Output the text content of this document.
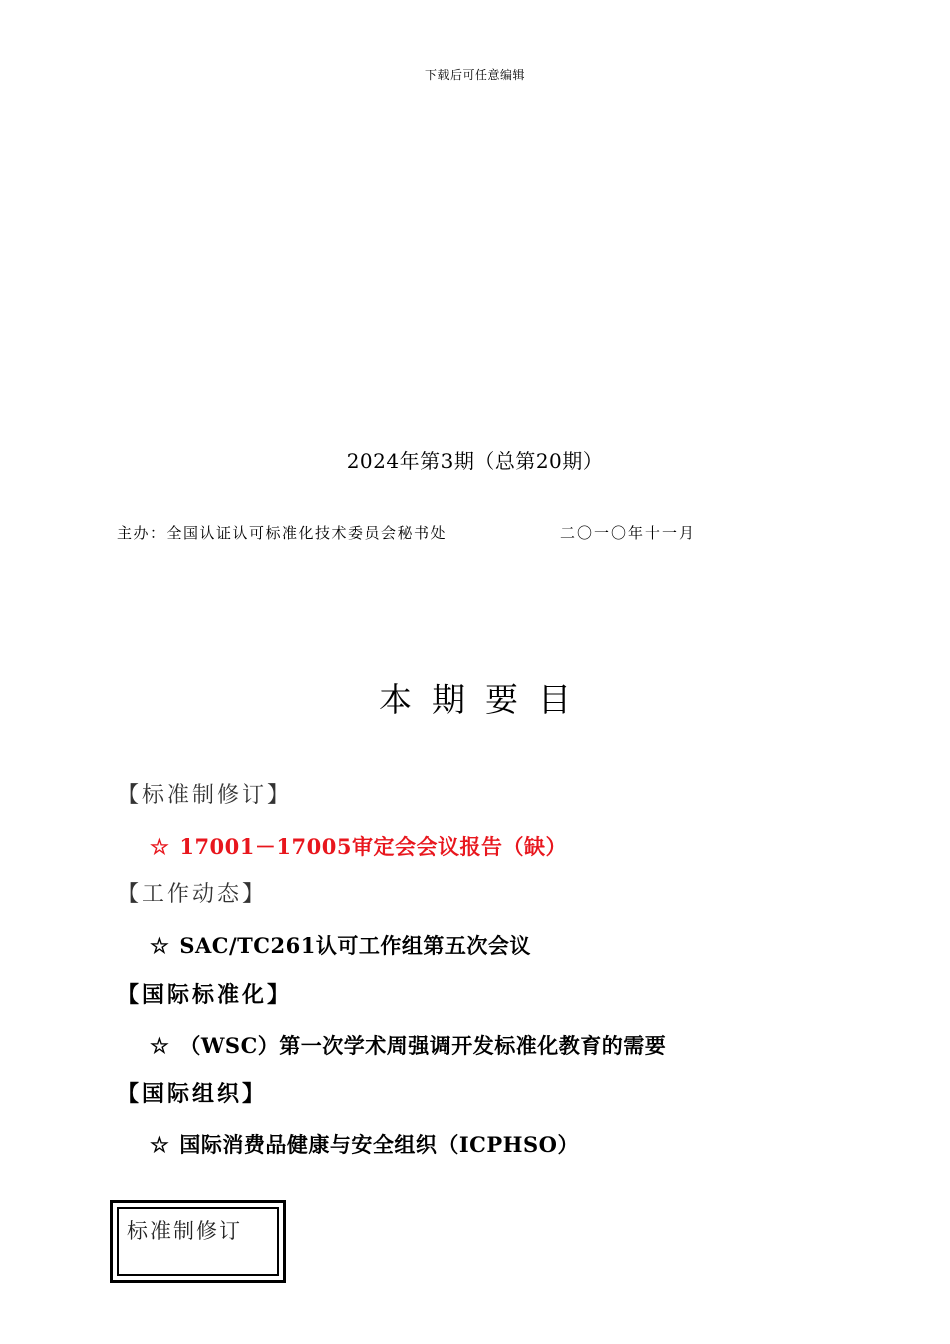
下载后可任意编辑
2024年第3期（总第20期）
主办：全国认证认可标准化技术委员会秘书处	二〇一〇年十一月
本期要目
【标准制修订】
☆ 17001－17005审定会会议报告（缺）
【工作动态】
☆ SAC/TC261认可工作组第五次会议
【国际标准化】
☆ （WSC）第一次学术周强调开发标准化教育的需要
【国际组织】
☆ 国际消费品健康与安全组织（ICPHSO）
标准制修订
